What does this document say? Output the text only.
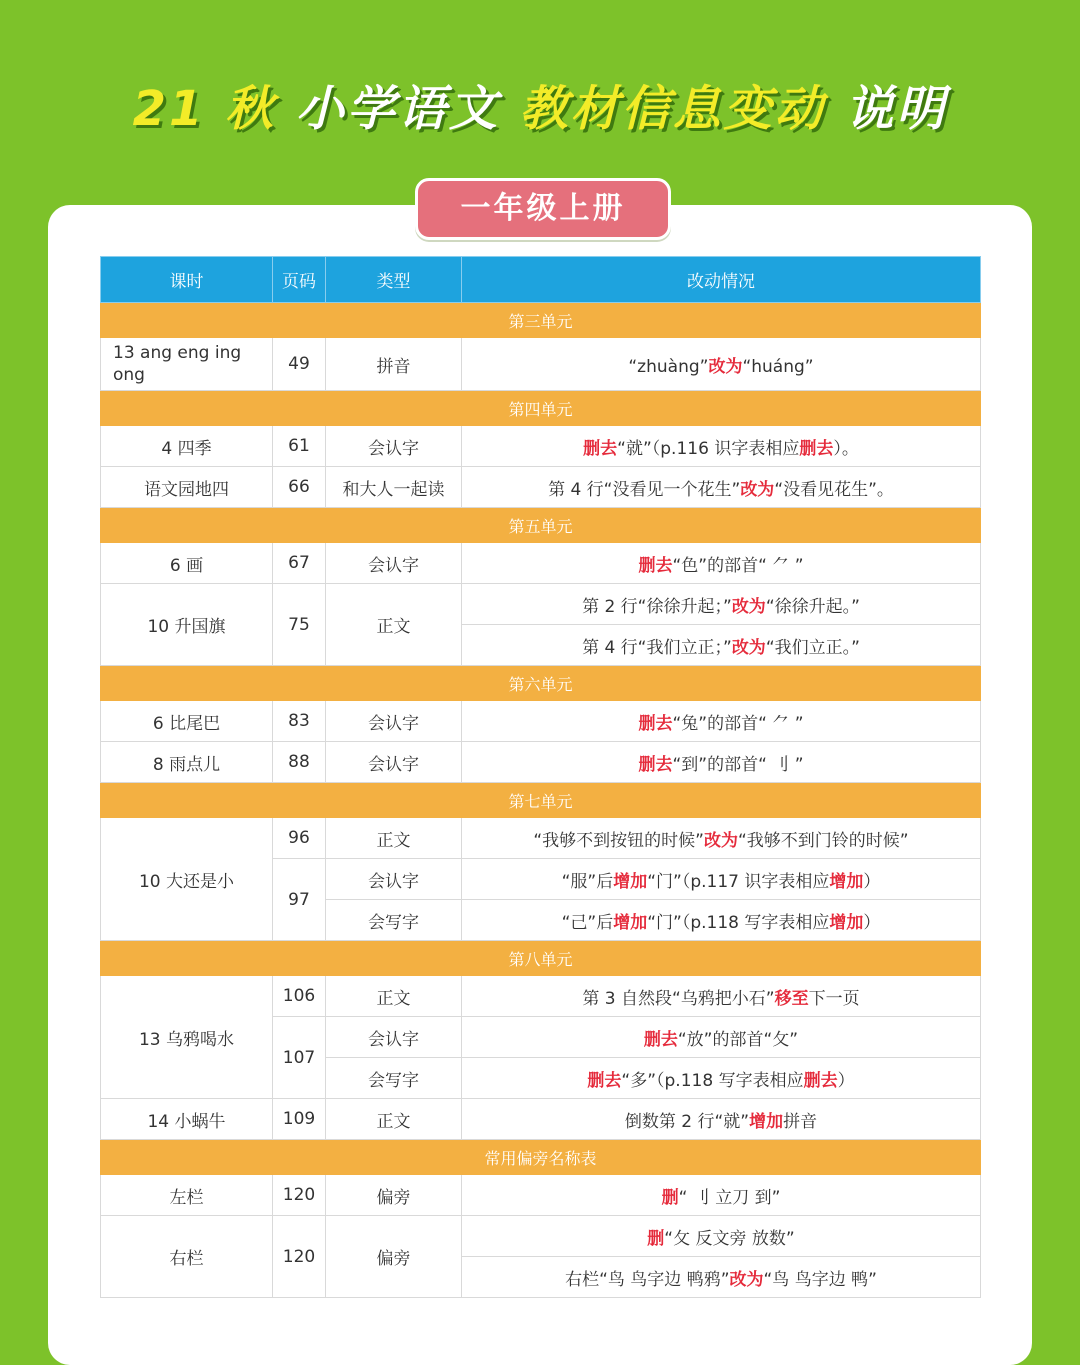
21 秋 小学语文 教材信息变动 说明
一年级上册
课时	页码	类型	改动情况
第三单元			
13 ang eng ing ong	49	拼音	“zhuàng”改为“huáng”
第四单元			
4 四季	61	会认字	删去“就”（p.116 识字表相应删去）。
语文园地四	66	和大人一起读	第 4 行“没看见一个花生”改为“没看见花生”。
第五单元			
6 画	67	会认字	删去“色”的部首“ ⺈ ”
10 升国旗	75	正文	第 2 行“徐徐升起；”改为“徐徐升起。”
			第 4 行“我们立正；”改为“我们立正。”
第六单元			
6 比尾巴	83	会认字	删去“兔”的部首“ ⺈ ”
8 雨点儿	88	会认字	删去“到”的部首“ 刂 ”
第七单元			
10 大还是小	96	正文	“我够不到按钮的时候”改为“我够不到门铃的时候”
	97	会认字	“服”后增加“门”（p.117 识字表相应增加）
		会写字	“己”后增加“门”（p.118 写字表相应增加）
第八单元			
13 乌鸦喝水	106	正文	第 3 自然段“乌鸦把小石”移至下一页
	107	会认字	删去“放”的部首“攵”
		会写字	删去“多”（p.118 写字表相应删去）
14 小蜗牛	109	正文	倒数第 2 行“就”增加拼音
常用偏旁名称表			
左栏	120	偏旁	删“ 刂 立刀 到”
右栏	120	偏旁	删“攵 反文旁 放数”
			右栏“鸟 鸟字边 鸭鸦”改为“鸟 鸟字边 鸭”
